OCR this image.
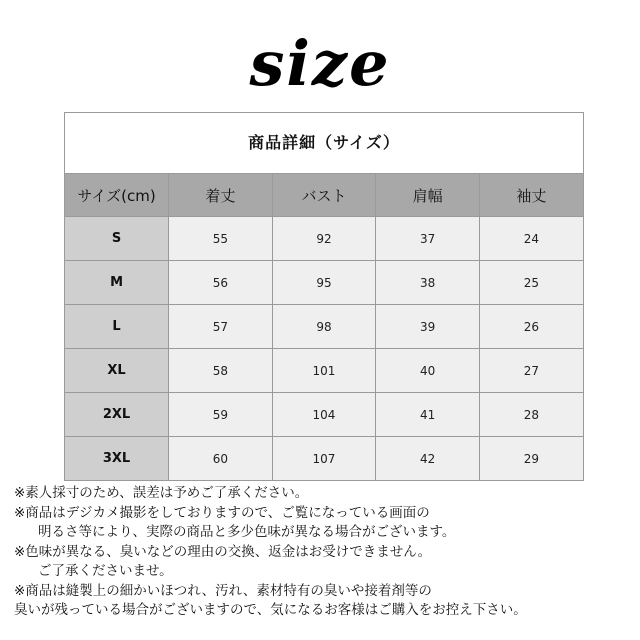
size
商品詳細（サイズ）
サイズ(cm)	着丈	バスト	肩幅	袖丈
S	55	92	37	24
M	56	95	38	25
L	57	98	39	26
XL	58	101	40	27
2XL	59	104	41	28
3XL	60	107	42	29
※素人採寸のため、誤差は予めご了承ください。
※商品はデジカメ撮影をしておりますので、ご覧になっている画面の
明るさ等により、実際の商品と多少色味が異なる場合がございます。
※色味が異なる、臭いなどの理由の交換、返金はお受けできません。
ご了承くださいませ。
※商品は縫製上の細かいほつれ、汚れ、素材特有の臭いや接着剤等の
臭いが残っている場合がございますので、気になるお客様はご購入をお控え下さい。
